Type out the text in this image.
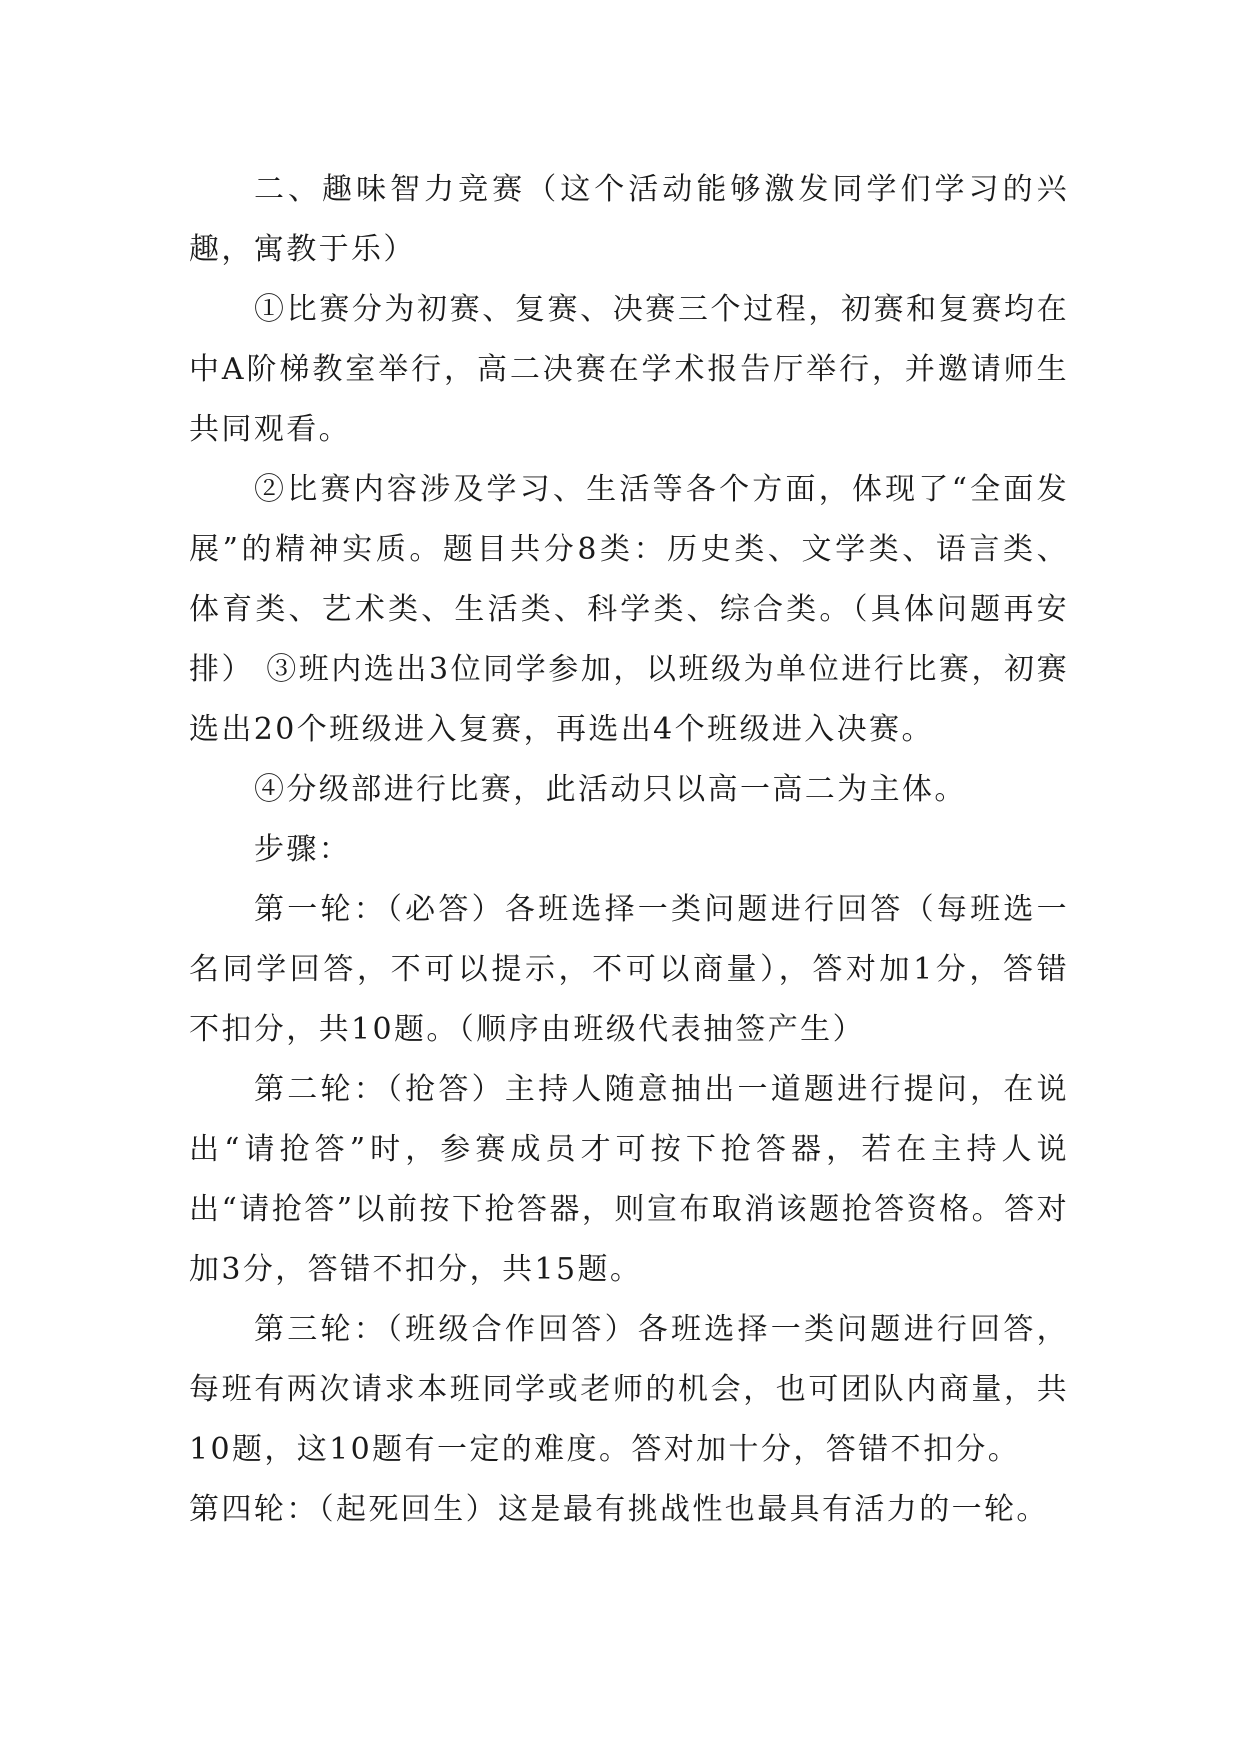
二、趣味智力竞赛（这个活动能够激发同学们学习的兴趣，寓教于乐）

①比赛分为初赛、复赛、决赛三个过程，初赛和复赛均在中A阶梯教室举行，高二决赛在学术报告厅举行，并邀请师生共同观看。

②比赛内容涉及学习、生活等各个方面，体现了“全面发展”的精神实质。题目共分8类：历史类、文学类、语言类、体育类、艺术类、生活类、科学类、综合类。（具体问题再安排） ③班内选出3位同学参加，以班级为单位进行比赛，初赛选出20个班级进入复赛，再选出4个班级进入决赛。

④分级部进行比赛，此活动只以高一高二为主体。

步骤：

第一轮：（必答）各班选择一类问题进行回答（每班选一名同学回答，不可以提示，不可以商量），答对加1分，答错不扣分，共10题。（顺序由班级代表抽签产生）

第二轮：（抢答）主持人随意抽出一道题进行提问，在说出“请抢答”时，参赛成员才可按下抢答器，若在主持人说出“请抢答”以前按下抢答器，则宣布取消该题抢答资格。答对加3分，答错不扣分，共15题。

第三轮：（班级合作回答）各班选择一类问题进行回答，每班有两次请求本班同学或老师的机会，也可团队内商量，共10题，这10题有一定的难度。答对加十分，答错不扣分。

第四轮：（起死回生）这是最有挑战性也最具有活力的一轮。
